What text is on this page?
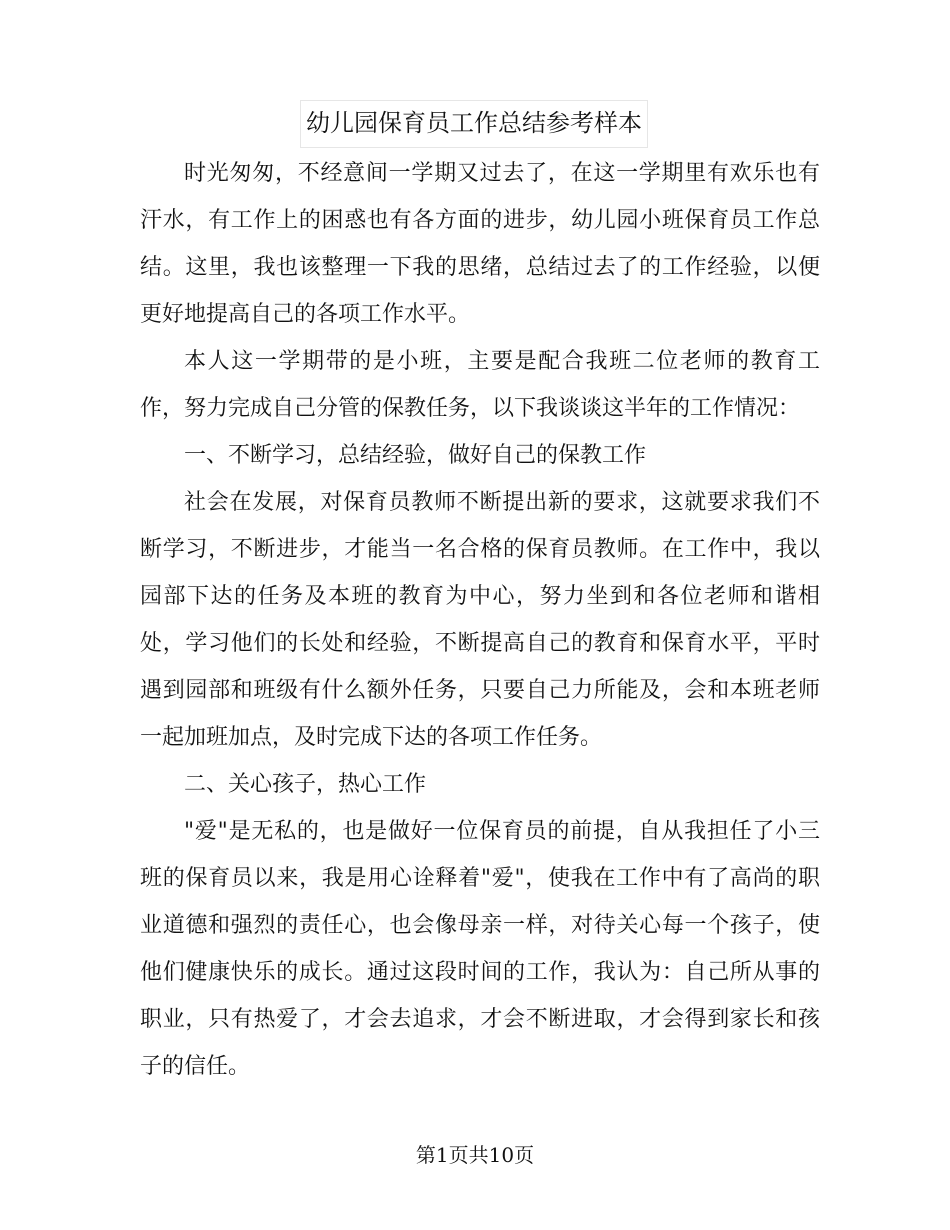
幼儿园保育员工作总结参考样本

时光匆匆，不经意间一学期又过去了，在这一学期里有欢乐也有汗水，有工作上的困惑也有各方面的进步，幼儿园小班保育员工作总结。这里，我也该整理一下我的思绪，总结过去了的工作经验，以便更好地提高自己的各项工作水平。

本人这一学期带的是小班，主要是配合我班二位老师的教育工作，努力完成自己分管的保教任务，以下我谈谈这半年的工作情况：

一、不断学习，总结经验，做好自己的保教工作

社会在发展，对保育员教师不断提出新的要求，这就要求我们不断学习，不断进步，才能当一名合格的保育员教师。在工作中，我以园部下达的任务及本班的教育为中心，努力坐到和各位老师和谐相处，学习他们的长处和经验，不断提高自己的教育和保育水平，平时遇到园部和班级有什么额外任务，只要自己力所能及，会和本班老师一起加班加点，及时完成下达的各项工作任务。

二、关心孩子，热心工作

"爱"是无私的，也是做好一位保育员的前提，自从我担任了小三班的保育员以来，我是用心诠释着"爱"，使我在工作中有了高尚的职业道德和强烈的责任心，也会像母亲一样，对待关心每一个孩子，使他们健康快乐的成长。通过这段时间的工作，我认为：自己所从事的职业，只有热爱了，才会去追求，才会不断进取，才会得到家长和孩子的信任。

第1页共10页
